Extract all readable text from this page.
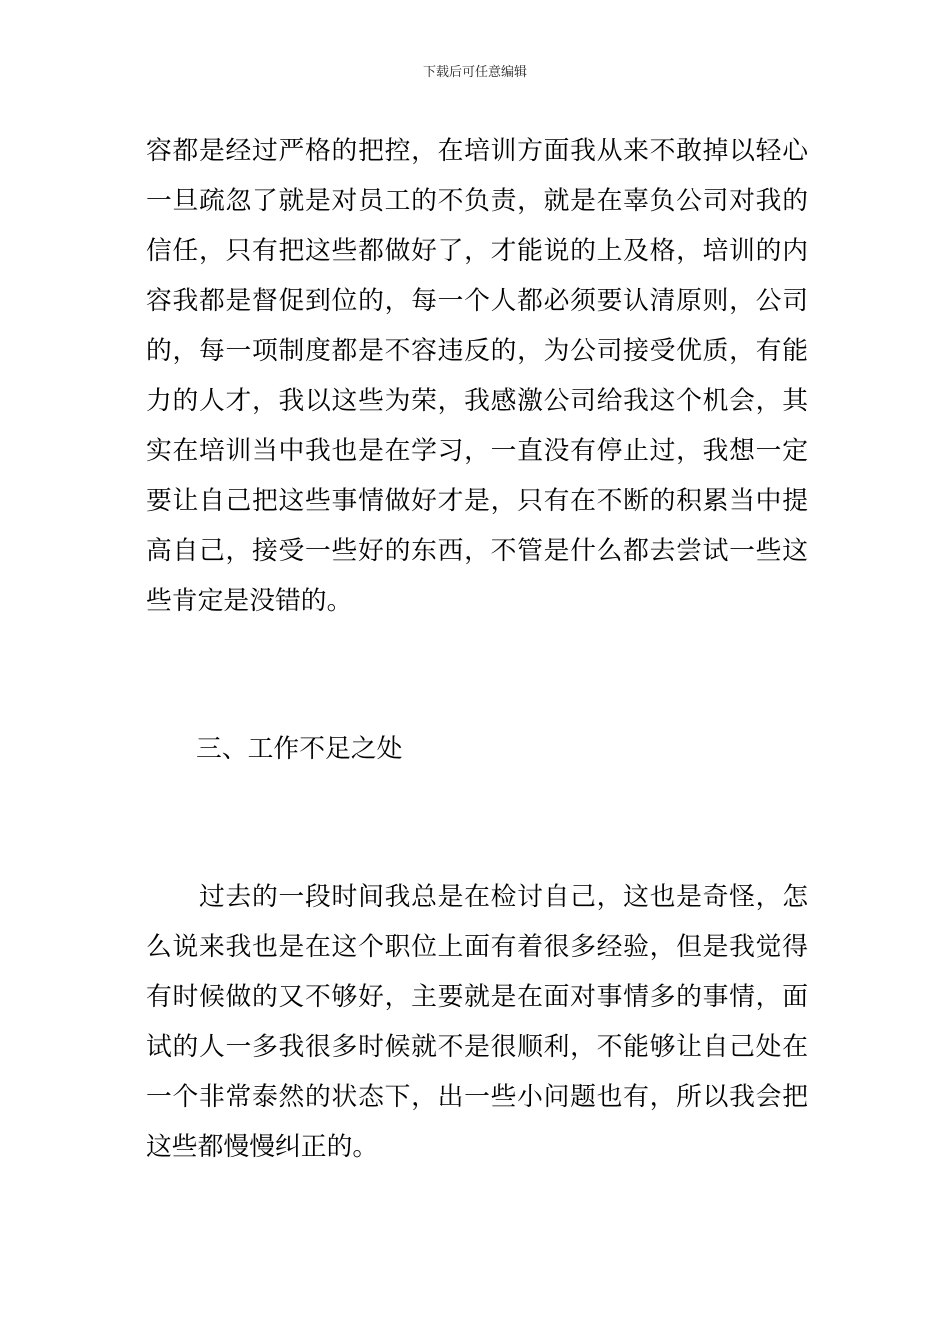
下载后可任意编辑
容都是经过严格的把控，在培训方面我从来不敢掉以轻心
一旦疏忽了就是对员工的不负责，就是在辜负公司对我的
信任，只有把这些都做好了，才能说的上及格，培训的内
容我都是督促到位的，每一个人都必须要认清原则，公司
的，每一项制度都是不容违反的，为公司接受优质，有能
力的人才，我以这些为荣，我感激公司给我这个机会，其
实在培训当中我也是在学习，一直没有停止过，我想一定
要让自己把这些事情做好才是，只有在不断的积累当中提
高自己，接受一些好的东西，不管是什么都去尝试一些这
些肯定是没错的。
三、工作不足之处
　　过去的一段时间我总是在检讨自己，这也是奇怪，怎
么说来我也是在这个职位上面有着很多经验，但是我觉得
有时候做的又不够好，主要就是在面对事情多的事情，面
试的人一多我很多时候就不是很顺利，不能够让自己处在
一个非常泰然的状态下，出一些小问题也有，所以我会把
这些都慢慢纠正的。
